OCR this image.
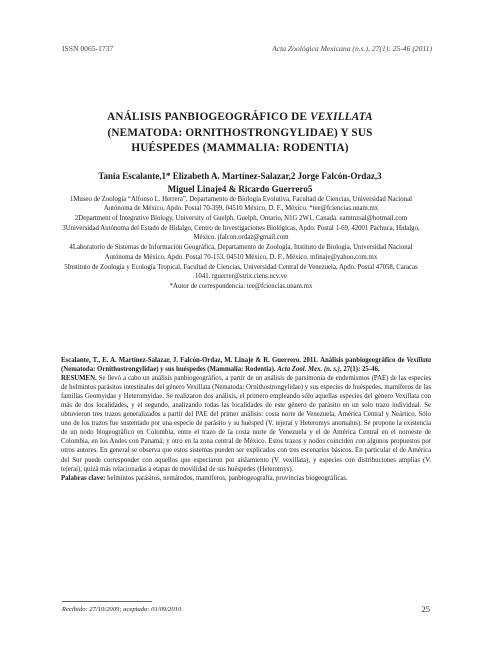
ISSN 0065-1737	Acta Zoológica Mexicana (n.s.), 27(1): 25-46 (2011)
ANÁLISIS PANBIOGEOGRÁFICO DE VEXILLATA
(NEMATODA: ORNITHOSTRONGYLIDAE) Y SUS
HUÉSPEDES (MAMMALIA: RODENTIA)
Tania Escalante,1* Elizabeth A. Martínez-Salazar,2 Jorge Falcón-Ordaz,3
Miguel Linaje4 & Ricardo Guerrero5

1Museo de Zoología “Alfonso L. Herrera”, Departamento de Biología Evolutiva, Facultad de Ciencias, Universidad Nacional Autónoma de México, Apdo. Postal 70-399, 04510 México, D. F., México. *tee@fciencias.unam.mx

2Department of Integrative Biology, University of Guelph, Guelph, Ontario, N1G 2W1, Canada. eamtnzsal@hotmail.com

3Universidad Autónoma del Estado de Hidalgo, Centro de Investigaciones Biológicas, Apdo. Postal 1-69, 42001 Pachuca, Hidalgo, México. jfalcon.ordaz@gmail.com

4Laboratorio de Sistemas de Información Geográfica, Departamento de Zoología, Instituto de Biología, Universidad Nacional Autónoma de México, Apdo. Postal 70-153, 04510 México, D. F., México. mlinaje@yahoo.com.mx

5Instituto de Zoología y Ecología Tropical, Facultad de Ciencias, Universidad Central de Venezuela, Apdo. Postal 47058, Caracas 1041. rguerrer@strix.ciens.ucv.ve

*Autor de correspondencia: tee@fciencias.unam.mx

Escalante, T., E. A. Martínez-Salazar, J. Falcón-Ordaz, M. Linaje & R. Guerrero. 2011. Análisis panbiogeográfico de Vexillata (Nematoda: Ornithostrongylidae) y sus huéspedes (Mammalia: Rodentia). Acta Zool. Mex. (n. s.), 27(1): 25-46.

RESUMEN. Se llevó a cabo un análisis panbiogeográfico, a partir de un análisis de parsimonia de endemismos (PAE) de las especies de helmintos parásitos intestinales del género Vexillata (Nematoda: Ornithostrongylidae) y sus especies de huéspedes, mamíferos de las familias Geomyidae y Heteromyidae. Se realizaron dos análisis, el primero empleando sólo aquellas especies del género Vexillata con más de dos localidades, y el segundo, analizando todas las localidades de este género de parásito en un solo trazo individual. Se obtuvieron tres trazos generalizados a partir del PAE del primer análisis: costa norte de Venezuela, América Central y Neártico. Sólo uno de los trazos fue sustentado por una especie de parásito y su huésped (V. tejerai y Heteromys anomalus). Se propone la existencia de un nodo biogeográfico en Colombia, entre el trazo de la costa norte de Venezuela y el de América Central en el noroeste de Colombia, en los Andes con Panamá; y otro en la zona central de México. Estos trazos y nodos coinciden con algunos propuestos por otros autores. En general se observa que estos sistemas pueden ser explicados con tres escenarios básicos. En particular el de América del Sur puede corresponder con aquellos que especiaron por aislamiento (V. vexillata), y especies con distribuciones amplias (V. tejerai), quizá más relacionadas a etapas de movilidad de sus huéspedes (Heteromys).

Palabras clave: helmintos parásitos, nemátodos, mamíferos, panbiogeografía, provincias biogeográficas.

Recibido: 27/10/2009; aceptado: 01/09/2010.	25
